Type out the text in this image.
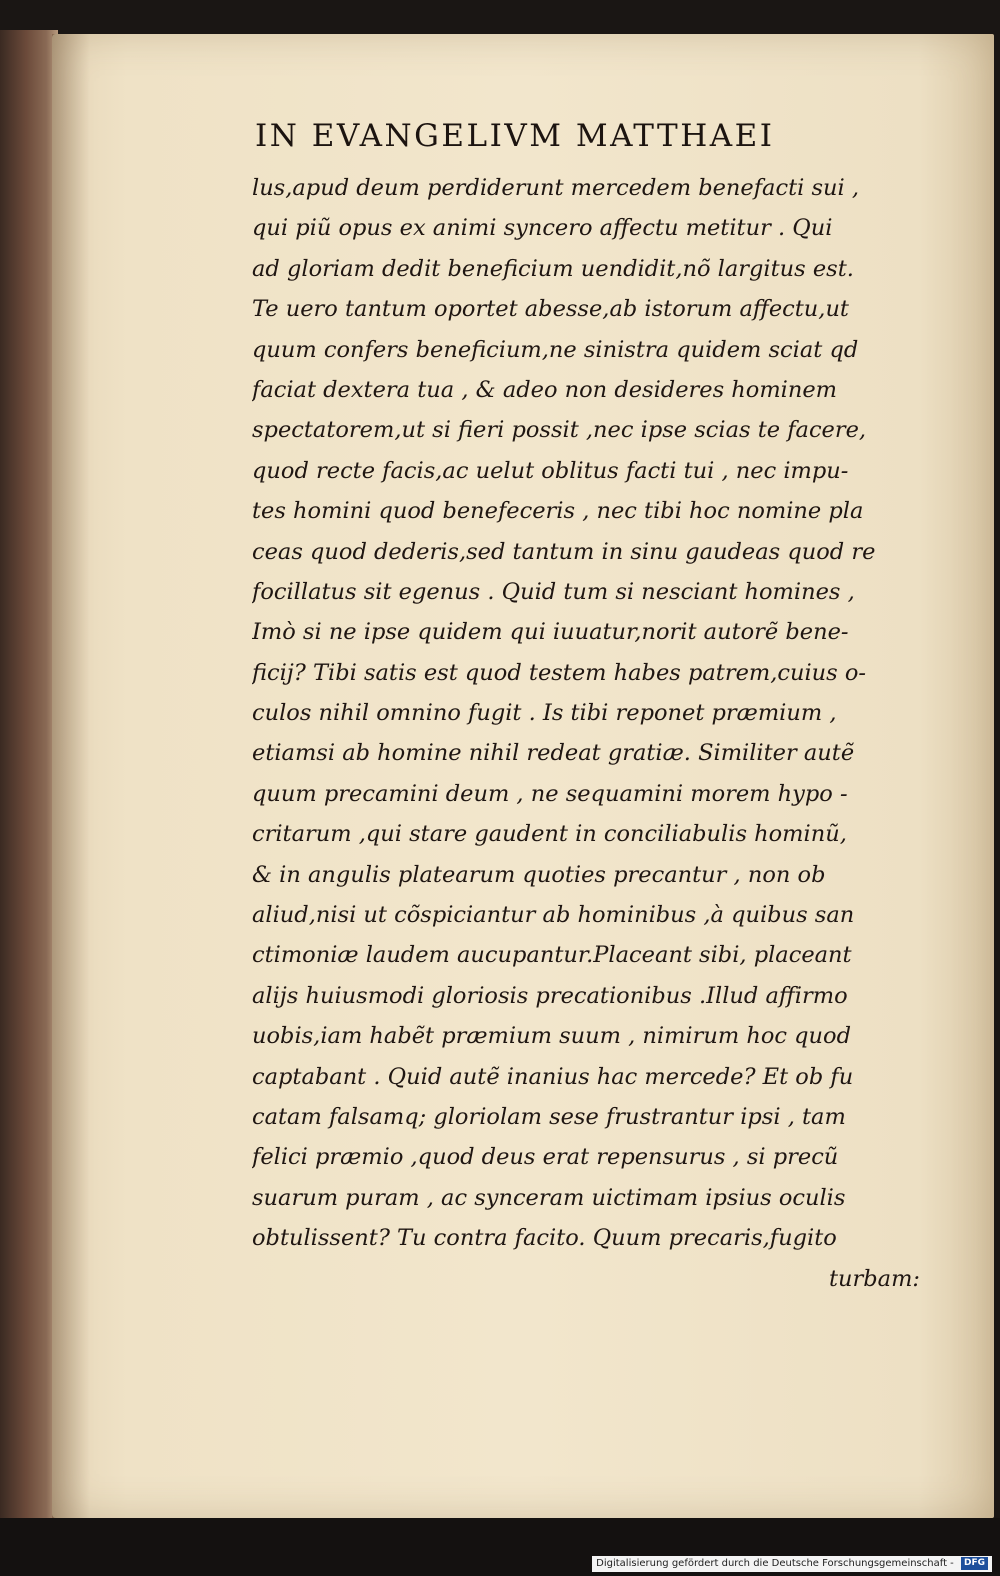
IN EVANGELIVM MATTHAEI
lus,apud deum perdiderunt mercedem benefacti sui ,
qui piũ opus ex animi syncero affectu metitur . Qui
ad gloriam dedit beneficium uendidit,nõ largitus est.
Te uero tantum oportet abesse,ab istorum affectu,ut
quum confers beneficium,ne sinistra quidem sciat qd
faciat dextera tua , & adeo non desideres hominem
spectatorem,ut si fieri possit ,nec ipse scias te facere,
quod recte facis,ac uelut oblitus facti tui , nec impu-
tes homini quod benefeceris , nec tibi hoc nomine pla
ceas quod dederis,sed tantum in sinu gaudeas quod re
focillatus sit egenus . Quid tum si nesciant homines ,
Imò si ne ipse quidem qui iuuatur,norit autorẽ bene-
ficij? Tibi satis est quod testem habes patrem,cuius o-
culos nihil omnino fugit . Is tibi reponet præmium ,
etiamsi ab homine nihil redeat gratiæ. Similiter autẽ
quum precamini deum , ne sequamini morem hypo -
critarum ,qui stare gaudent in conciliabulis hominũ,
& in angulis platearum quoties precantur , non ob
aliud,nisi ut cõspiciantur ab hominibus ,à quibus san
ctimoniæ laudem aucupantur.Placeant sibi, placeant
alijs huiusmodi gloriosis precationibus .Illud affirmo
uobis,iam habẽt præmium suum , nimirum hoc quod
captabant . Quid autẽ inanius hac mercede? Et ob fu
catam falsamq; gloriolam sese frustrantur ipsi , tam
felici præmio ,quod deus erat repensurus , si precũ
suarum puram , ac synceram uictimam ipsius oculis
obtulissent? Tu contra facito. Quum precaris,fugito
turbam:
Digitalisierung gefördert durch die Deutsche Forschungsgemeinschaft - DFG
